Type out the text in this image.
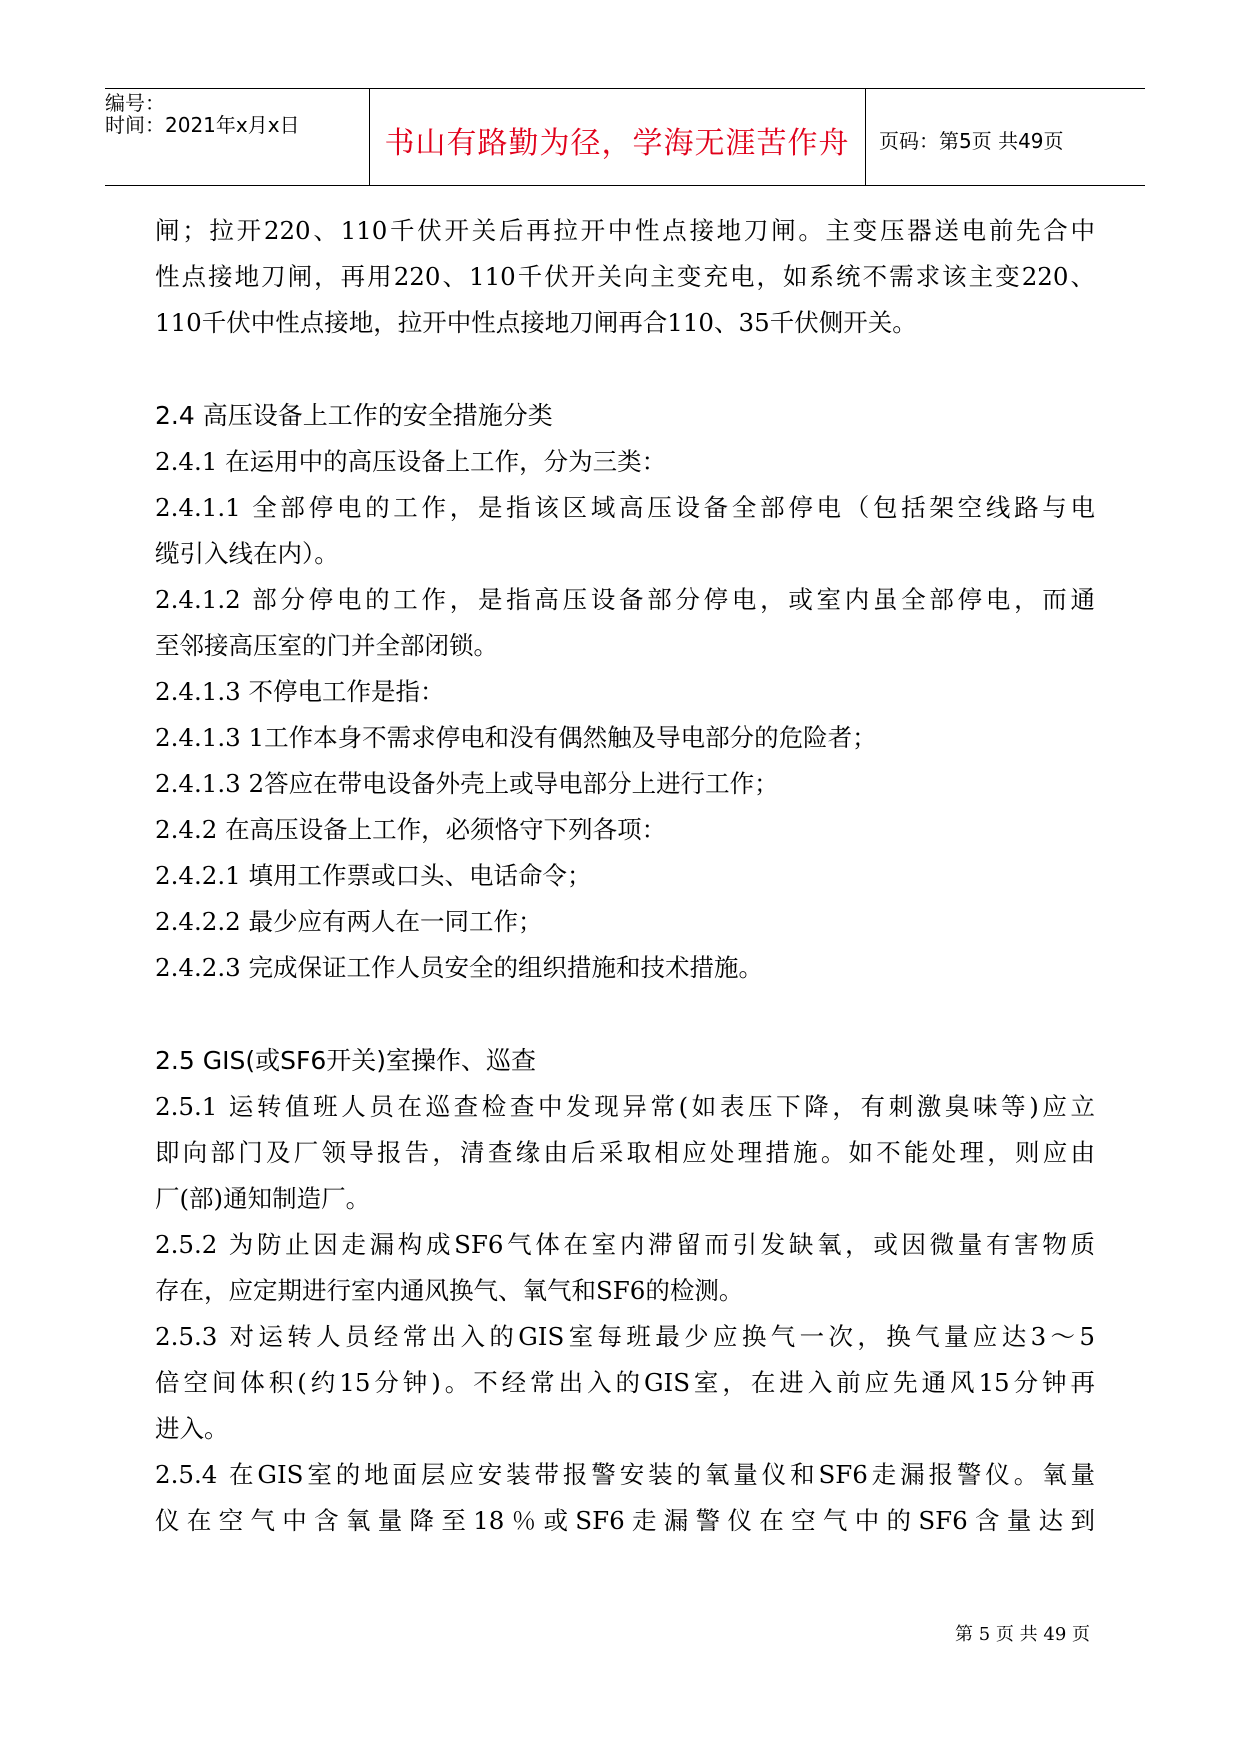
编号：
时间：2021年x月x日
书山有路勤为径，学海无涯苦作舟	页码：第5页 共49页
闸；拉开220、110千伏开关后再拉开中性点接地刀闸。主变压器送电前先合中
性点接地刀闸，再用220、110千伏开关向主变充电，如系统不需求该主变220、
110千伏中性点接地，拉开中性点接地刀闸再合110、35千伏侧开关。
2.4 高压设备上工作的安全措施分类
2.4.1 在运用中的高压设备上工作，分为三类：
2.4.1.1 全部停电的工作，是指该区域高压设备全部停电（包括架空线路与电
缆引入线在内）。
2.4.1.2 部分停电的工作，是指高压设备部分停电，或室内虽全部停电，而通
至邻接高压室的门并全部闭锁。
2.4.1.3 不停电工作是指：
2.4.1.3 1工作本身不需求停电和没有偶然触及导电部分的危险者；
2.4.1.3 2答应在带电设备外壳上或导电部分上进行工作；
2.4.2 在高压设备上工作，必须恪守下列各项：
2.4.2.1 填用工作票或口头、电话命令；
2.4.2.2 最少应有两人在一同工作；
2.4.2.3 完成保证工作人员安全的组织措施和技术措施。
2.5 GIS(或SF6开关)室操作、巡查
2.5.1 运转值班人员在巡查检查中发现异常(如表压下降，有刺激臭味等)应立
即向部门及厂领导报告，清查缘由后采取相应处理措施。如不能处理，则应由
厂(部)通知制造厂。
2.5.2 为防止因走漏构成SF6气体在室内滞留而引发缺氧，或因微量有害物质
存在，应定期进行室内通风换气、氧气和SF6的检测。
2.5.3 对运转人员经常出入的GIS室每班最少应换气一次，换气量应达3～5
倍空间体积(约15分钟)。不经常出入的GIS室，在进入前应先通风15分钟再
进入。
2.5.4 在GIS室的地面层应安装带报警安装的氧量仪和SF6走漏报警仪。氧量
仪在空气中含氧量降至18％或SF6走漏警仪在空气中的SF6含量达到
第 5 页 共 49 页
